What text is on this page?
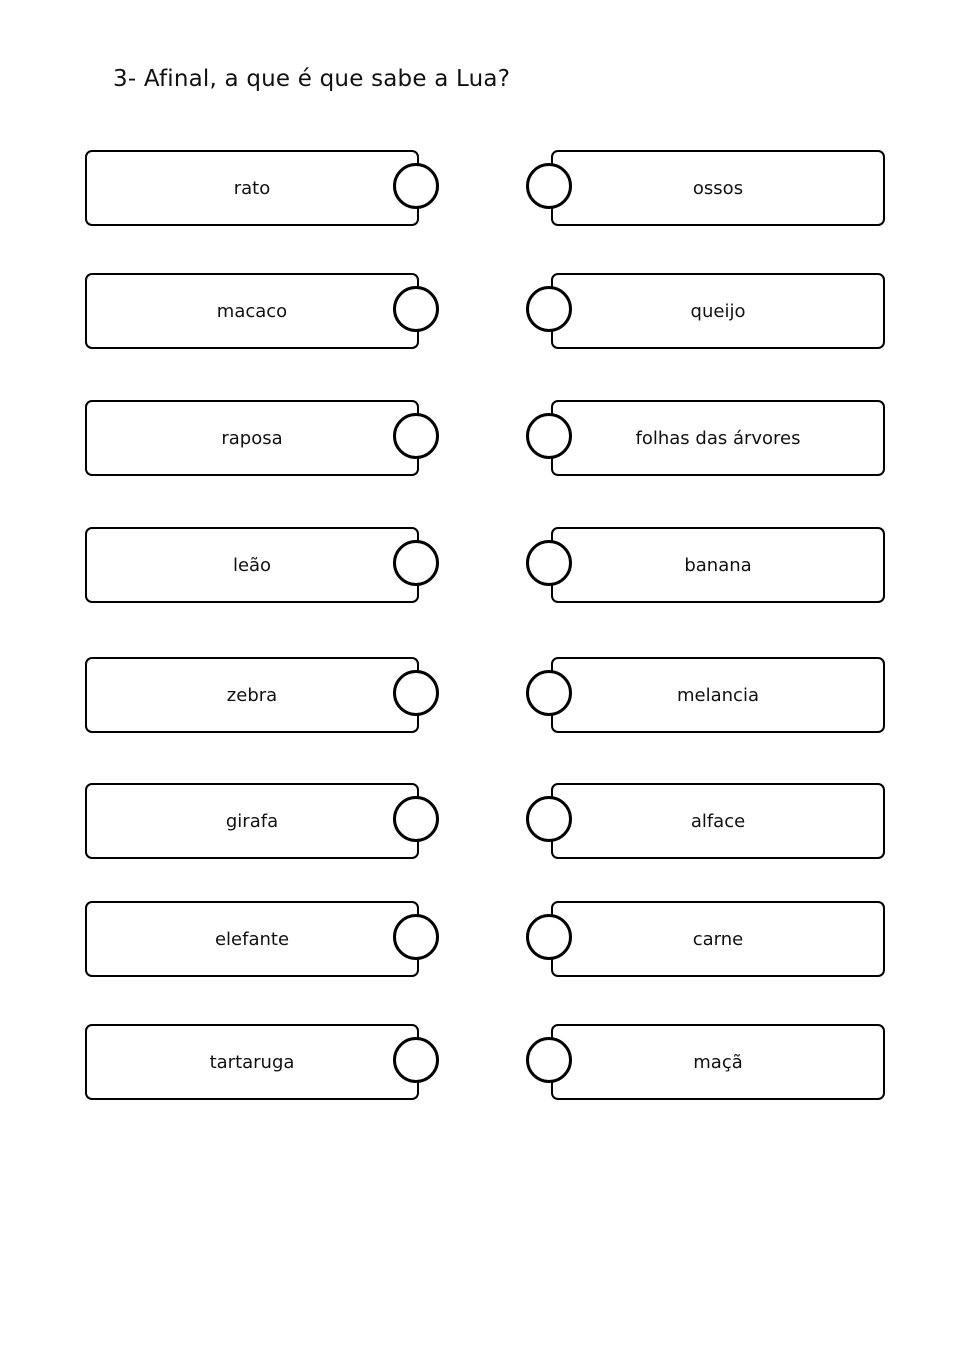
3- Afinal, a que é que sabe a Lua?
rato	ossos
macaco	queijo
raposa	folhas das árvores
leão	banana
zebra	melancia
girafa	alface
elefante	carne
tartaruga	maçã
